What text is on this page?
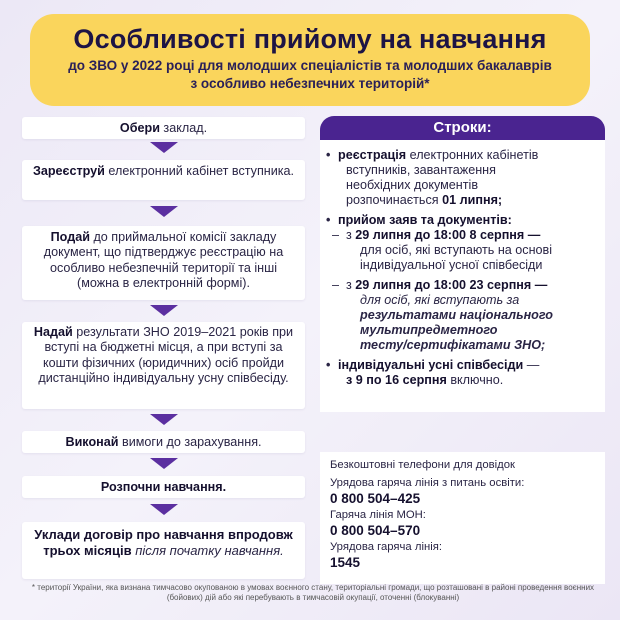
Особливості прийому на навчання
до ЗВО у 2022 році для молодших спеціалістів та молодших бакалаврів
з особливо небезпечних територій*
Обери заклад.
Зареєструй електронний кабінет вступника.
Подай до приймальної комісії закладу документ, що підтверджує реєстрацію на особливо небезпечній території та інші (можна в електронній формі).
Надай результати ЗНО 2019–2021 років при вступі на бюджетні місця, а при вступі за кошти фізичних (юридичних) осіб пройди дистанційно індивідуальну усну співбесіду.
Виконай вимоги до зарахування.
Розпочни навчання.
Уклади договір про навчання впродовж трьох місяців після початку навчання.
Строки:
• реєстрація електронних кабінетів
вступників, завантаження
необхідних документів
розпочинається 01 липня;
• прийом заяв та документів:
– з 29 липня до 18:00 8 серпня —
для осіб, які вступають на основі
індивідуальної усної співбесіди
– з 29 липня до 18:00 23 серпня —
для осіб, які вступають за
результатами національного
мультипредметного
тесту/сертифікатами ЗНО;
• індивідуальні усні співбесіди —
з 9 по 16 серпня включно.
Безкоштовні телефони для довідок
Урядова гаряча лінія з питань освіти:
0 800 504–425
Гаряча лінія МОН:
0 800 504–570
Урядова гаряча лінія:
1545
* території України, яка визнана тимчасово окупованою в умовах воєнного стану, територіальні громади, що розташовані в районі проведення воєнних (бойових) дій або які перебувають в тимчасовій окупації, оточенні (блокуванні)
